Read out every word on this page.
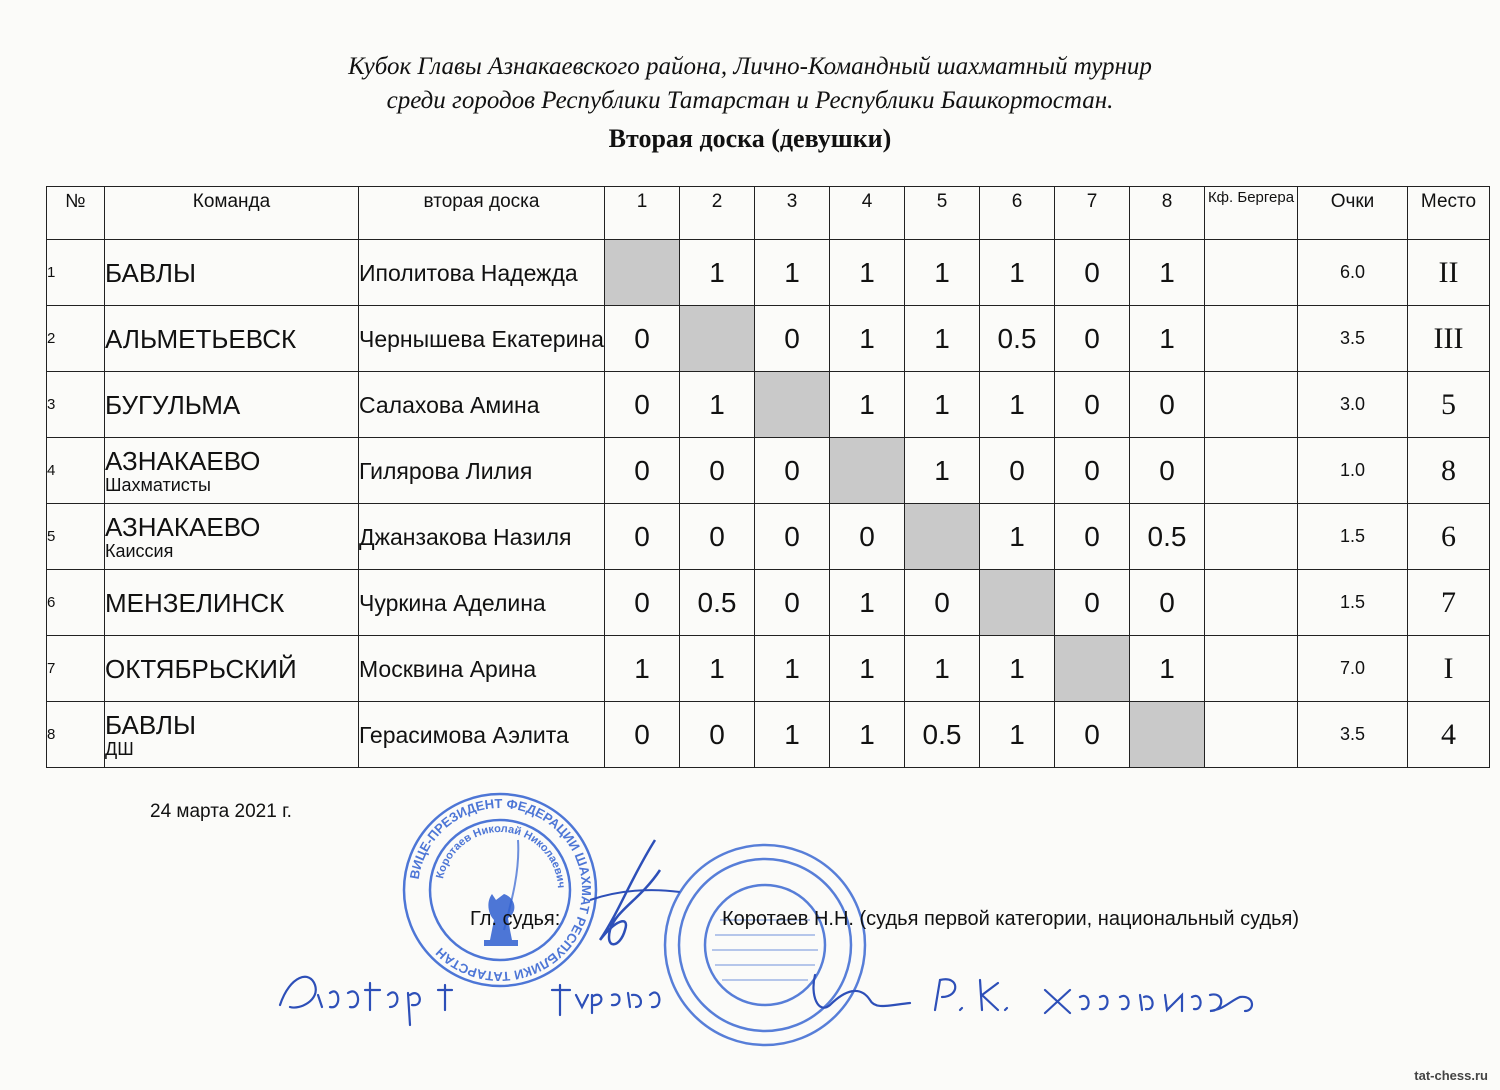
Кубок Главы Азнакаевского района, Лично-Командный шахматный турнир
среди городов Республики Татарстан и Республики Башкортостан.
Вторая доска (девушки)
№	Команда	вторая доска	1	2	3	4	5	6	7	8	Кф. Бергера	Очки	Место
1	БАВЛЫ	Иполитова Надежда		1	1	1	1	1	0	1		6.0	II
2	АЛЬМЕТЬЕВСК	Чернышева Екатерина	0		0	1	1	0.5	0	1		3.5	III
3	БУГУЛЬМА	Салахова Амина	0	1		1	1	1	0	0		3.0	5
4	АЗНАКАЕВО
Шахматисты	Гилярова Лилия	0	0	0		1	0	0	0		1.0	8
5	АЗНАКАЕВО
Каиссия	Джанзакова Назиля	0	0	0	0		1	0	0.5		1.5	6
6	МЕНЗЕЛИНСК	Чуркина Аделина	0	0.5	0	1	0		0	0		1.5	7
7	ОКТЯБРЬСКИЙ	Москвина Арина	1	1	1	1	1	1		1		7.0	I
8	БАВЛЫ
ДШ	Герасимова Аэлита	0	0	1	1	0.5	1	0			3.5	4
24 марта 2021 г.
ВИЦЕ-ПРЕЗИДЕНТ ФЕДЕРАЦИИ ШАХМАТ РЕСПУБЛИКИ ТАТАРСТАН
Коротаев Николай Николаевич
Гл. судья:	Коротаев Н.Н. (судья первой категории, национальный судья)
tat-chess.ru
